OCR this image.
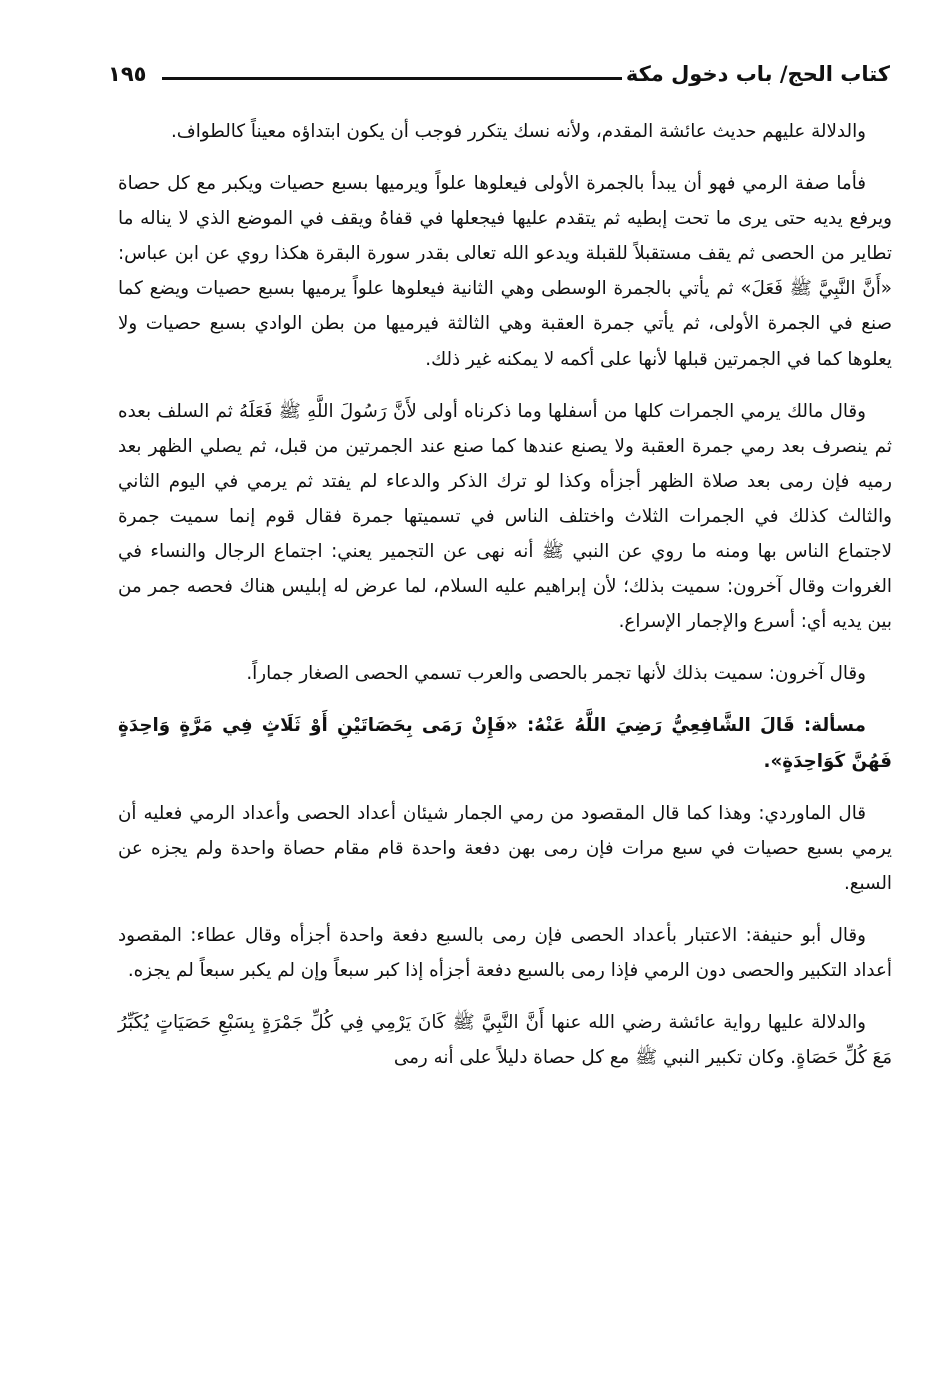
كتاب الحج/ باب دخول مكة
١٩٥

والدلالة عليهم حديث عائشة المقدم، ولأنه نسك يتكرر فوجب أن يكون ابتداؤه معيناً كالطواف.

فأما صفة الرمي فهو أن يبدأ بالجمرة الأولى فيعلوها علواً ويرميها بسبع حصيات ويكبر مع كل حصاة ويرفع يديه حتى يرى ما تحت إبطيه ثم يتقدم عليها فيجعلها في قفاهُ ويقف في الموضع الذي لا يناله ما تطاير من الحصى ثم يقف مستقبلاً للقبلة ويدعو الله تعالى بقدر سورة البقرة هكذا روي عن ابن عباس: «أَنَّ النَّبِيَّ ﷺ فَعَلَ» ثم يأتي بالجمرة الوسطى وهي الثانية فيعلوها علواً يرميها بسبع حصيات ويضع كما صنع في الجمرة الأولى، ثم يأتي جمرة العقبة وهي الثالثة فيرميها من بطن الوادي بسبع حصيات ولا يعلوها كما في الجمرتين قبلها لأنها على أكمه لا يمكنه غير ذلك.

وقال مالك يرمي الجمرات كلها من أسفلها وما ذكرناه أولى لأَنَّ رَسُولَ اللَّهِ ﷺ فَعَلَهُ ثم السلف بعده ثم ينصرف بعد رمي جمرة العقبة ولا يصنع عندها كما صنع عند الجمرتين من قبل، ثم يصلي الظهر بعد رميه فإن رمى بعد صلاة الظهر أجزأه وكذا لو ترك الذكر والدعاء لم يفتد ثم يرمي في اليوم الثاني والثالث كذلك في الجمرات الثلاث واختلف الناس في تسميتها جمرة فقال قوم إنما سميت جمرة لاجتماع الناس بها ومنه ما روي عن النبي ﷺ أنه نهى عن التجمير يعني: اجتماع الرجال والنساء في الغروات وقال آخرون: سميت بذلك؛ لأن إبراهيم عليه السلام، لما عرض له إبليس هناك فحصه جمر من بين يديه أي: أسرع والإجمار الإسراع.

وقال آخرون: سميت بذلك لأنها تجمر بالحصى والعرب تسمي الحصى الصغار جماراً.

مسألة: قَالَ الشَّافِعِيُّ رَضِيَ اللَّهُ عَنْهُ: «فَإِنْ رَمَى بِحَصَاتَيْنِ أَوْ ثَلَاثٍ فِي مَرَّةٍ وَاحِدَةٍ فَهُنَّ كَوَاحِدَةٍ».

قال الماوردي: وهذا كما قال المقصود من رمي الجمار شيئان أعداد الحصى وأعداد الرمي فعليه أن يرمي بسبع حصيات في سبع مرات فإن رمى بهن دفعة واحدة قام مقام حصاة واحدة ولم يجزه عن السبع.

وقال أبو حنيفة: الاعتبار بأعداد الحصى فإن رمى بالسبع دفعة واحدة أجزأه وقال عطاء: المقصود أعداد التكبير والحصى دون الرمي فإذا رمى بالسبع دفعة أجزأه إذا كبر سبعاً وإن لم يكبر سبعاً لم يجزه.

والدلالة عليها رواية عائشة رضي الله عنها أَنَّ النَّبِيَّ ﷺ كَانَ يَرْمِي فِي كُلِّ جَمْرَةٍ بِسَبْعِ حَصَيَاتٍ يُكَبِّرُ مَعَ كُلِّ حَصَاةٍ. وكان تكبير النبي ﷺ مع كل حصاة دليلاً على أنه رمى
